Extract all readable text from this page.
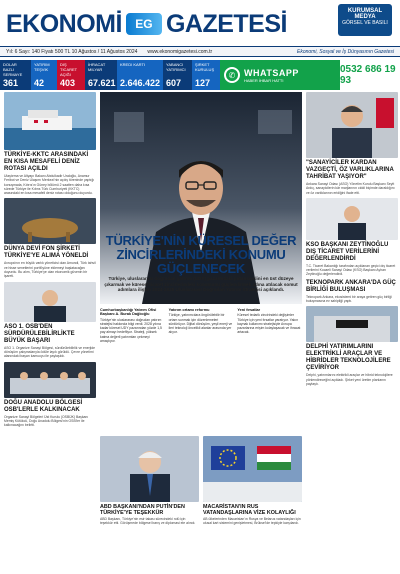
EKONOMİ	EG GAZETESİ	KURUMSAL MEDYA
GÖRSEL VE BASILI
Yıl: 6 Sayı: 140 Fiyatı 500 TL 10 Ağustos / 11 Ağustos 2024 www.ekonomigazetesi.com.tr	Ekonomi, Sosyal ve İş Dünyasının Gazetesi
DOLAR BAZLI SERMAYE
361
YATIRIM TEŞVIK
42
DIŞ TICARET AÇIĞI
403
İHRACAT MILYAR
67.621
KREDI KARTI
2.646.422
YABANCI YATIRIMCI
607
ŞIRKET KURULUŞ
127
✆ WHATSAPP
HABER İHBAR HATTI
0532 686 19 93
TÜRKİYE-KKTC ARASINDAKİ EN KISA MESAFELİ DENİZ ROTASI AÇILDI
Ulaştırma ve Altyapı Bakanı Abdulkadir Uraloğlu, Anamur Feribot ve Deniz Ulaşımı Merkezi'nin açılış töreninde yaptığı konuşmada, Kıbrıs'ın Güney bölümü 2 saatten daha kısa sürede Türkiye ile Kıbrıs Türk Cumhuriyeti (KKTC) arasındaki en kısa mesafeli deniz rotası olduğunu duyurdu.
DÜNYA DEVİ FON ŞİRKETİ TÜRKİYE'YE ALIMA YÖNELDİ
Avrupa'nın en büyük varlık yöneticisi olan Amundi, Türk tahvil ve hisse senetlerini portföyüne eklemeyi başlatacağını duyurdu. Bu alım, Türkiye'ye olan ekonomik güvenin bir işareti.
ASO 1. OSB'DEN SÜRDÜRÜLEBİLİRLİKTE BÜYÜK BAŞARI
ASO 1. Organize Sanayi Bölgesi, sürdürülebilirlik ve enerjide dönüşüm çalışmalarıyla ödüle layık görüldü. Çevre yönetimi alanındaki başarı kamuoyu ile paylaşıldı.
DOĞU ANADOLU BÖLGESİ OSB'LERLE KALKINACAK
Organize Sanayi Bölgeleri Üst Kurulu (OSBÜK) Başkanı Memiş Kütükcü, Doğu Anadolu Bölgesi'nin OSB'ler ile kalkınacağını belirtti.
TÜRKİYE'NİN KÜRESEL DEĞER ZİNCİRLERİNDEKİ KONUMU GÜÇLENECEK
Türkiye, uluslararası doğrudan yatırım (UDY) pazarındaki potansiyelini en üst düzeye çıkarmak ve küresel ticaret zincirlerindeki konumunu güçlendirmek adına atılacak somut adımlara ilişkin 2024-2028 Uluslararası Doğrudan Yatırım Stratejisi açıklandı.
Cumhurbaşkanlığı Yatırım Ofisi Başkanı A. Burak Dağlıoğlu
Türkiye'nin uluslararası doğrudan yatırım stratejisi hakkında bilgi verdi. 2028 yılına kadar küresel UDY pazarından yüzde 1,5 pay almayı hedefliyor. Strateji, yüksek katma değerli yatırımları çekmeyi amaçlıyor.
Yatırım ortamı reformu
Türkiye, yatırımcılara öngörülebilir bir ortam sunmak için düzenlemeleri sürdürüyor. Dijital dönüşüm, yeşil enerji ve ileri teknoloji öncelikli alanlar arasında yer alıyor.
Yeni fırsatlar
Küresel tedarik zincirindeki değişimler Türkiye için yeni fırsatlar yaratıyor. Yakın kaynak kullanımı stratejisiyle Avrupa pazarlarına erişim kolaylaşacak ve ihracat artacak.
ABD BAŞKANI'NDAN PUTİN'DEN TÜRKİYE'YE TEŞEKKÜR
ABD Başkanı, Türkiye'nin esir takası sürecindeki rolü için teşekkür etti. Görüşmede bölgesel barış ve diplomasi ele alındı.
MACARİSTAN'IN RUS VATANDAŞLARINA VİZE KOLAYLIĞI
AB ülkelerinden Macaristan'ın Rusya ve Belarus vatandaşları için ulusal kart sistemini genişletmesi, Brüksel'de tepkiyle karşılandı.
"SANAYİCİLER KARDAN VAZGEÇTİ, ÖZ VARLIKLARINA TAHRİBAT YAŞIYOR"
Ankara Sanayi Odası (ASO) Yönetim Kurulu Başkanı Seyit Ardıç, sanayicilerin kâr marjlarının ciddi biçimde daraldığını ve öz varlıklarının eridiğini ifade etti.
KSO BAŞKANI ZEYTİNOĞLU DIŞ TİCARET VERİLERİNİ DEĞERLENDİRDİ
T.C. Ticaret Bakanlığı tarafından açıklanan geçici dış ticaret verilerini Kocaeli Sanayi Odası (KSO) Başkanı Ayhan Zeytinoğlu değerlendirdi.
TEKNOPARK ANKARA'DA GÜÇ BİRLİĞİ BULUŞMASI
Teknopark Ankara, ekosistemi bir araya getiren güç birliği buluşmasına ev sahipliği yaptı.
DELPHİ YATIRIMLARINI ELEKTRİKLİ ARAÇLAR VE HİBRİDLER TEKNOLOJİLERE ÇEVİRİYOR
Delphi, yatırımlarını elektrikli araçlar ve hibrid teknolojilere yönlendireceğini açıkladı. Şirket yeni üretim planlarını paylaştı.
